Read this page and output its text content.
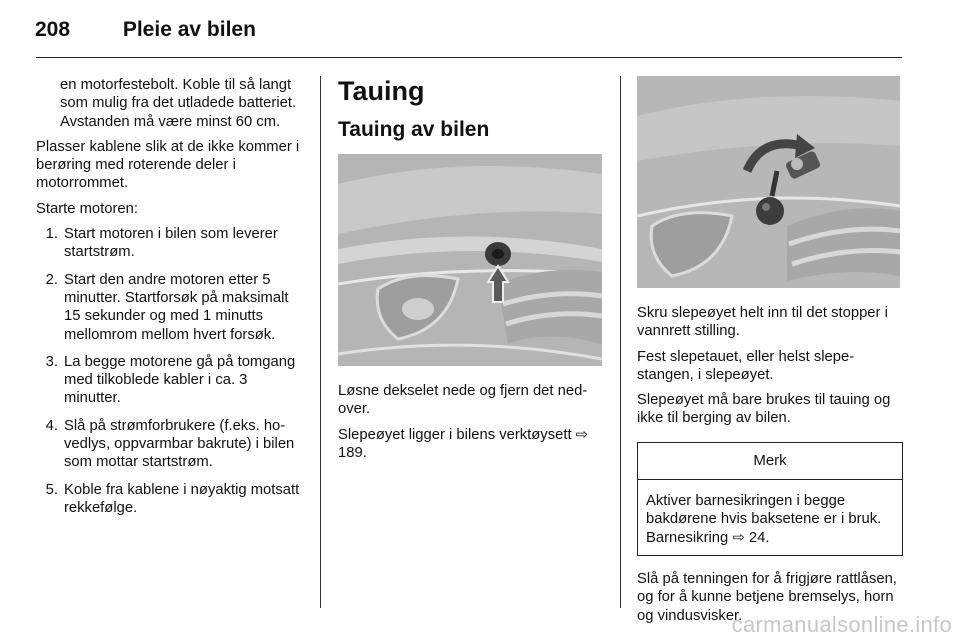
208	Pleie av bilen

en motorfestebolt. Koble til så langt som mulig fra det utladede batteriet. Avstanden må være minst 60 cm.

Plasser kablene slik at de ikke kommer i berøring med roterende deler i motorrommet.

Starte motoren:

1. Start motoren i bilen som leverer startstrøm.
2. Start den andre motoren etter 5 minutter. Startforsøk på maksimalt 15 sekunder og med 1 minutts mellomrom mellom hvert forsøk.
3. La begge motorene gå på tomgang med tilkoblede kabler i ca. 3 minutter.
4. Slå på strømforbrukere (f.eks. hovedlys, oppvarmbar bakrute) i bilen som mottar startstrøm.
5. Koble fra kablene i nøyaktig motsatt rekkefølge.
Tauing
Tauing av bilen

Løsne dekselet nede og fjern det nedover.

Slepeøyet ligger i bilens verktøysett ⇨ 189.

Skru slepeøyet helt inn til det stopper i vannrett stilling.

Fest slepetauet, eller helst slepestangen, i slepeøyet.

Slepeøyet må bare brukes til tauing og ikke til berging av bilen.

Merk
Aktiver barnesikringen i begge bakdørene hvis baksetene er i bruk. Barnesikring ⇨ 24.

Slå på tenningen for å frigjøre rattlåsen, og for å kunne betjene bremselys, horn og vindusvisker.

carmanualsonline.info
